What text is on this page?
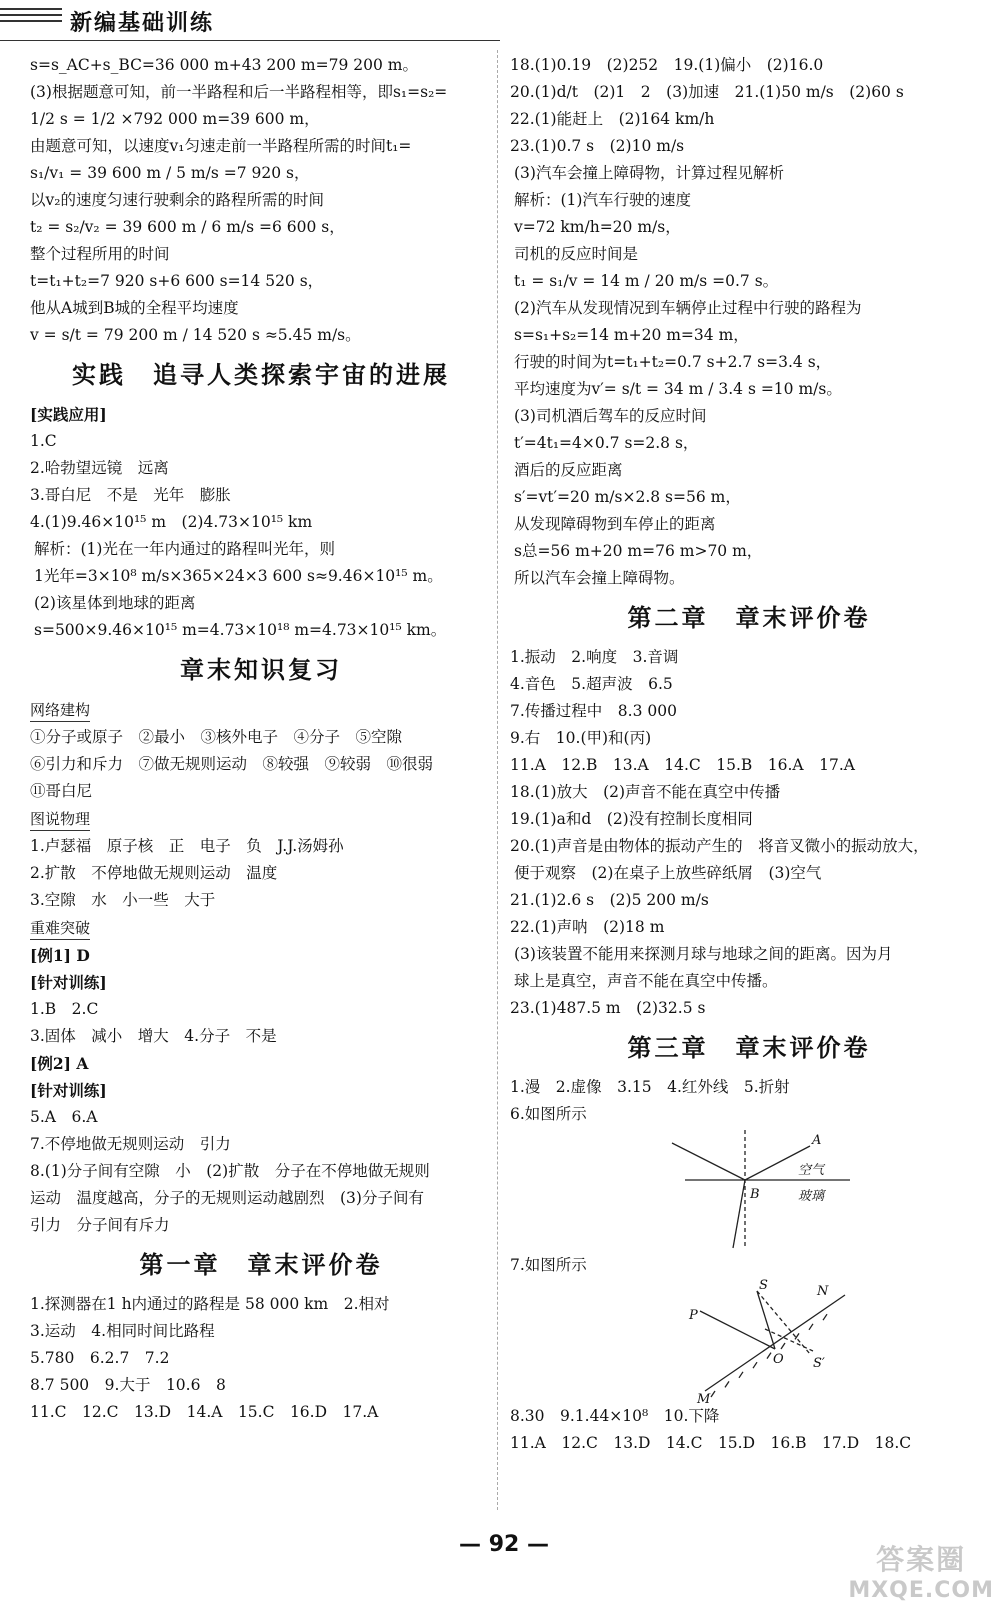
新编基础训练
s=s_AC+s_BC=36 000 m+43 200 m=79 200 m。
(3)根据题意可知，前一半路程和后一半路程相等，即s₁=s₂=
1/2 s = 1/2 ×792 000 m=39 600 m，
由题意可知，以速度v₁匀速走前一半路程所需的时间t₁=
s₁/v₁ = 39 600 m / 5 m/s =7 920 s，
以v₂的速度匀速行驶剩余的路程所需的时间
t₂ = s₂/v₂ = 39 600 m / 6 m/s =6 600 s，
整个过程所用的时间
t=t₁+t₂=7 920 s+6 600 s=14 520 s，
他从A城到B城的全程平均速度
v = s/t = 79 200 m / 14 520 s ≈5.45 m/s。
实践　追寻人类探索宇宙的进展
[实践应用]
1.C
2.哈勃望远镜　远离
3.哥白尼　不是　光年　膨胀
4.(1)9.46×10¹⁵ m　(2)4.73×10¹⁵ km
解析：(1)光在一年内通过的路程叫光年，则
1光年=3×10⁸ m/s×365×24×3 600 s≈9.46×10¹⁵ m。
(2)该星体到地球的距离
s=500×9.46×10¹⁵ m=4.73×10¹⁸ m=4.73×10¹⁵ km。
章末知识复习
网络建构
①分子或原子　②最小　③核外电子　④分子　⑤空隙
⑥引力和斥力　⑦做无规则运动　⑧较强　⑨较弱　⑩很弱
⑪哥白尼
图说物理
1.卢瑟福　原子核　正　电子　负　J.J.汤姆孙
2.扩散　不停地做无规则运动　温度
3.空隙　水　小一些　大于
重难突破
[例1] D
[针对训练]
1.B　2.C
3.固体　减小　增大　4.分子　不是
[例2] A
[针对训练]
5.A　6.A
7.不停地做无规则运动　引力
8.(1)分子间有空隙　小　(2)扩散　分子在不停地做无规则
运动　温度越高，分子的无规则运动越剧烈　(3)分子间有
引力　分子间有斥力
第一章　章末评价卷
1.探测器在1 h内通过的路程是 58 000 km　2.相对
3.运动　4.相同时间比路程
5.780　6.2.7　7.2
8.7 500　9.大于　10.6　8
11.C　12.C　13.D　14.A　15.C　16.D　17.A
18.(1)0.19　(2)252　19.(1)偏小　(2)16.0
20.(1)d/t　(2)1　2　(3)加速　21.(1)50 m/s　(2)60 s
22.(1)能赶上　(2)164 km/h
23.(1)0.7 s　(2)10 m/s
(3)汽车会撞上障碍物，计算过程见解析
解析：(1)汽车行驶的速度
v=72 km/h=20 m/s，
司机的反应时间是
t₁ = s₁/v = 14 m / 20 m/s =0.7 s。
(2)汽车从发现情况到车辆停止过程中行驶的路程为
s=s₁+s₂=14 m+20 m=34 m，
行驶的时间为t=t₁+t₂=0.7 s+2.7 s=3.4 s，
平均速度为v′= s/t = 34 m / 3.4 s =10 m/s。
(3)司机酒后驾车的反应时间
t′=4t₁=4×0.7 s=2.8 s，
酒后的反应距离
s′=vt′=20 m/s×2.8 s=56 m，
从发现障碍物到车停止的距离
s总=56 m+20 m=76 m>70 m，
所以汽车会撞上障碍物。
第二章　章末评价卷
1.振动　2.响度　3.音调
4.音色　5.超声波　6.5
7.传播过程中　8.3 000
9.右　10.(甲)和(丙)
11.A　12.B　13.A　14.C　15.B　16.A　17.A
18.(1)放大　(2)声音不能在真空中传播
19.(1)a和d　(2)没有控制长度相同
20.(1)声音是由物体的振动产生的　将音叉微小的振动放大，
便于观察　(2)在桌子上放些碎纸屑　(3)空气
21.(1)2.6 s　(2)5 200 m/s
22.(1)声呐　(2)18 m
(3)该装置不能用来探测月球与地球之间的距离。因为月
球上是真空，声音不能在真空中传播。
23.(1)487.5 m　(2)32.5 s
第三章　章末评价卷
1.漫　2.虚像　3.15　4.红外线　5.折射
6.如图所示
A
空气
B	玻璃
7.如图所示
S	N
P
O S′
M
8.30　9.1.44×10⁸　10.下降
11.A　12.C　13.D　14.C　15.D　16.B　17.D　18.C
— 92 —	答案圈
MXQE.COM
